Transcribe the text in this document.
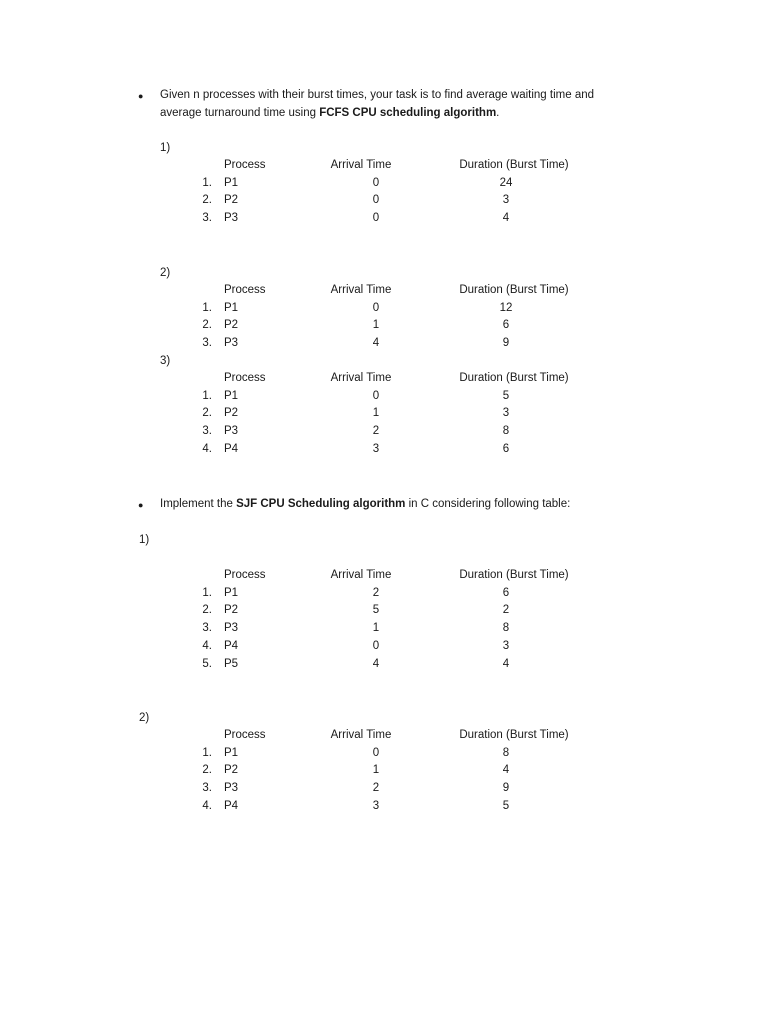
● Given n processes with their burst times, your task is to find average waiting time and
average turnaround time using FCFS CPU scheduling algorithm.
1)
Process	Arrival Time	Duration (Burst Time)
1. P1	0	24
2. P2	0	3
3. P3	0	4
2)
Process	Arrival Time	Duration (Burst Time)
1. P1	0	12
2. P2	1	6
3. P3	4	9
3)
Process	Arrival Time	Duration (Burst Time)
1. P1	0	5
2. P2	1	3
3. P3	2	8
4. P4	3	6
● Implement the SJF CPU Scheduling algorithm in C considering following table:
1)
Process	Arrival Time	Duration (Burst Time)
1. P1	2	6
2. P2	5	2
3. P3	1	8
4. P4	0	3
5. P5	4	4
2)
Process	Arrival Time	Duration (Burst Time)
1. P1	0	8
2. P2	1	4
3. P3	2	9
4. P4	3	5
